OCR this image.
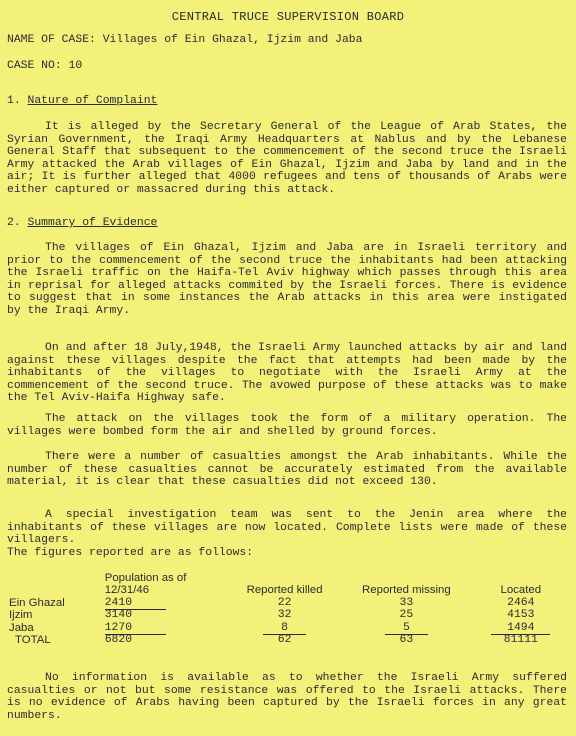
CENTRAL TRUCE SUPERVISION BOARD
NAME OF CASE: Villages of Ein Ghazal, Ijzim and Jaba
CASE NO: 10
1. Nature of Complaint
It is alleged by the Secretary General of the League of Arab States, the Syrian Government, the Iraqi Army Headquarters at Nablus and by the Lebanese General Staff that subsequent to the commencement of the second truce the Israeli Army attacked the Arab villages of Ein Ghazal, Ijzim and Jaba by land and in the air; It is further alleged that 4000 refugees and tens of thousands of Arabs were either captured or massacred during this attack.
2. Summary of Evidence
The villages of Ein Ghazal, Ijzim and Jaba are in Israeli territory and prior to the commencement of the second truce the inhabitants had been attacking the Israeli traffic on the Haifa-Tel Aviv highway which passes through this area in reprisal for alleged attacks commited by the Israeli forces. There is evidence to suggest that in some instances the Arab attacks in this area were instigated by the Iraqi Army.
On and after 18 July,1948, the Israeli Army launched attacks by air and land against these villages despite the fact that attempts had been made by the inhabitants of the villages to negotiate with the Israeli Army at the commencement of the second truce. The avowed purpose of these attacks was to make the Tel Aviv-Haifa Highway safe.
The attack on the villages took the form of a military operation. The villages were bombed form the air and shelled by ground forces.
There were a number of casualties amongst the Arab inhabitants. While the number of these casualties cannot be accurately estimated from the available material, it is clear that these casualties did not exceed 130.
A special investigation team was sent to the Jenin area where the inhabitants of these villages are now located. Complete lists were made of these villagers.
The figures reported are as follows:
	Population as of 12/31/46	Reported killed	Reported missing	Located
Ein Ghazal	2410	22	33	2464
Ijzim	3140	32	25	4153
Jaba	1270	8	5	1494
TOTAL	6820	62	63	81111
No information is available as to whether the Israeli Army suffered casualties or not but some resistance was offered to the Israeli attacks. There is no evidence of Arabs having been captured by the Israeli forces in any great numbers.
